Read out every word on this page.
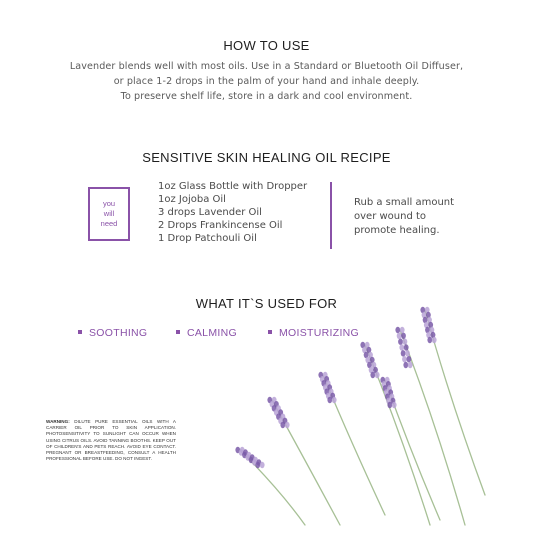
HOW TO USE
Lavender blends well with most oils. Use in a Standard or Bluetooth Oil Diffuser,
or place 1-2 drops in the palm of your hand and inhale deeply.
To preserve shelf life, store in a dark and cool environment.
SENSITIVE SKIN HEALING OIL RECIPE
you
will
need
1oz Glass Bottle with Dropper
1oz Jojoba Oil
3 drops Lavender Oil
2 Drops Frankincense Oil
1 Drop Patchouli Oil
Rub a small amount
over wound to
promote healing.
WHAT IT`S USED FOR
SOOTHING	CALMING	MOISTURIZING
WARNING: DILUTE PURE ESSENTIAL OILS WITH A CARRIER OIL PRIOR TO SKIN APPLICATION. PHOTOSENSITIVITY TO SUNLIGHT CAN OCCUR WHEN USING CITRUS OILS. AVOID TANNING BOOTHS. KEEP OUT OF CHILDREN'S AND PETS REACH. AVOID EYE CONTACT. PREGNANT OR BREASTFEEDING, CONSULT A HEALTH PROFESSIONAL BEFORE USE. DO NOT INGEST.
